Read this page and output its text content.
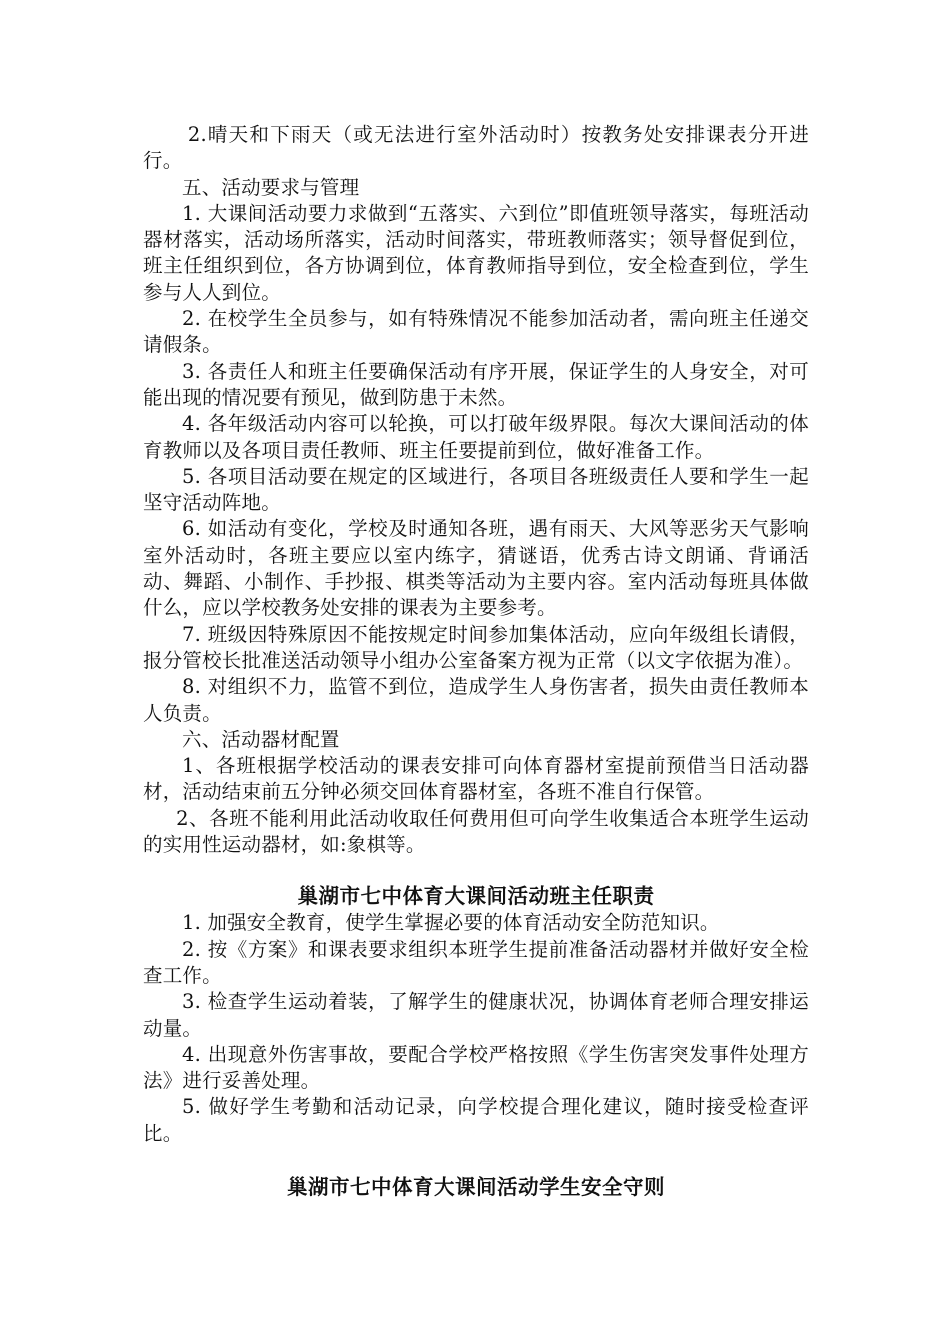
2.晴天和下雨天（或无法进行室外活动时）按教务处安排课表分开进行。

五、活动要求与管理

1. 大课间活动要力求做到“五落实、六到位”即值班领导落实，每班活动器材落实，活动场所落实，活动时间落实，带班教师落实；领导督促到位，班主任组织到位，各方协调到位，体育教师指导到位，安全检查到位，学生参与人人到位。

2. 在校学生全员参与，如有特殊情况不能参加活动者，需向班主任递交请假条。

3. 各责任人和班主任要确保活动有序开展，保证学生的人身安全，对可能出现的情况要有预见，做到防患于未然。

4. 各年级活动内容可以轮换，可以打破年级界限。每次大课间活动的体育教师以及各项目责任教师、班主任要提前到位，做好准备工作。

5. 各项目活动要在规定的区域进行，各项目各班级责任人要和学生一起坚守活动阵地。

6. 如活动有变化，学校及时通知各班，遇有雨天、大风等恶劣天气影响室外活动时，各班主要应以室内练字，猜谜语，优秀古诗文朗诵、背诵活动、舞蹈、小制作、手抄报、棋类等活动为主要内容。室内活动每班具体做什么，应以学校教务处安排的课表为主要参考。

7. 班级因特殊原因不能按规定时间参加集体活动，应向年级组长请假，报分管校长批准送活动领导小组办公室备案方视为正常（以文字依据为准）。

8. 对组织不力，监管不到位，造成学生人身伤害者，损失由责任教师本人负责。

六、活动器材配置

1、各班根据学校活动的课表安排可向体育器材室提前预借当日活动器材，活动结束前五分钟必须交回体育器材室，各班不准自行保管。

2、各班不能利用此活动收取任何费用但可向学生收集适合本班学生运动的实用性运动器材，如:象棋等。

巢湖市七中体育大课间活动班主任职责

1. 加强安全教育，使学生掌握必要的体育活动安全防范知识。

2. 按《方案》和课表要求组织本班学生提前准备活动器材并做好安全检查工作。

3. 检查学生运动着装，了解学生的健康状况，协调体育老师合理安排运动量。

4. 出现意外伤害事故，要配合学校严格按照《学生伤害突发事件处理方法》进行妥善处理。

5. 做好学生考勤和活动记录，向学校提合理化建议，随时接受检查评比。

巢湖市七中体育大课间活动学生安全守则
